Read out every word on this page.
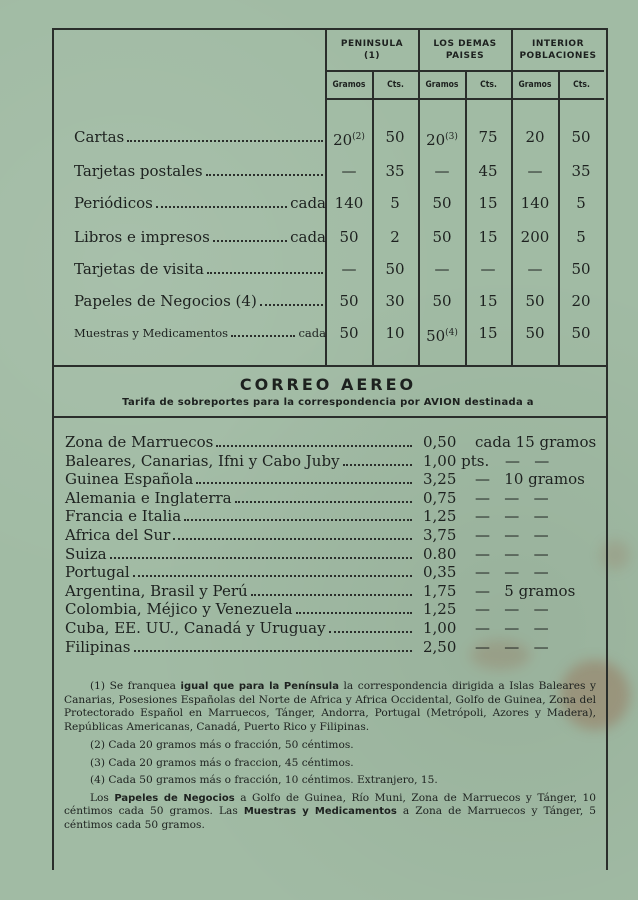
PENINSULA
(1)
LOS DEMAS
PAISES
INTERIOR
POBLACIONES
Gramos	Cts.	Gramos	Cts.	Gramos	Cts.
Cartas	20$^{(2)}$	50	20$^{(3)}$	75	20	50
Tarjetas postales	—	35	—	45	—	35
Periódicos	cada 140	5	50	15	140	5
Libros e impresos	cada 50	2	50	15	200	5
Tarjetas de visita	—	50	—	—	—	50
Papeles de Negocios (4)	50	30	50	15	50	20
Muestras y Medicamentos	cada 50	10	50$^{(4)}$	15	50	50
CORREO AEREO
Tarifa de sobreportes para la correspondencia por AVION destinada a
Zona de Marruecos	0,50 cada 15 gramos
Baleares, Canarias, Ifni y Cabo Juby	1,00 pts. —   —
Guinea Española	3,25 —   10 gramos
Alemania e Inglaterra	0,75 —   —   —
Francia e Italia	1,25 —   —   —
Africa del Sur	3,75 —   —   —
Suiza	0.80 —   —   —
Portugal	0,35 —   —   —
Argentina, Brasil y Perú	1,75 —   5 gramos
Colombia, Méjico y Venezuela	1,25 —   —   —
Cuba, EE. UU., Canadá y Uruguay	1,00 —   —   —
Filipinas	2,50 —   —   —
(1) Se franquea igual que para la Península la correspondencia dirigida a Islas Baleares y Canarias, Posesiones Españolas del Norte de Africa y Africa Occidental, Golfo de Guinea, Zona del Protectorado Español en Marruecos, Tánger, Andorra, Portugal (Metrópoli, Azores y Madera), Repúblicas Americanas, Canadá, Puerto Rico y Filipinas.
(2) Cada 20 gramos más o fracción, 50 céntimos.
(3) Cada 20 gramos más o fraccion, 45 céntimos.
(4) Cada 50 gramos más o fracción, 10 céntimos. Extranjero, 15.
Los Papeles de Negocios a Golfo de Guinea, Río Muni, Zona de Marruecos y Tánger, 10 céntimos cada 50 gramos. Las Muestras y Medicamentos a Zona de Marruecos y Tánger, 5 céntimos cada 50 gramos.
